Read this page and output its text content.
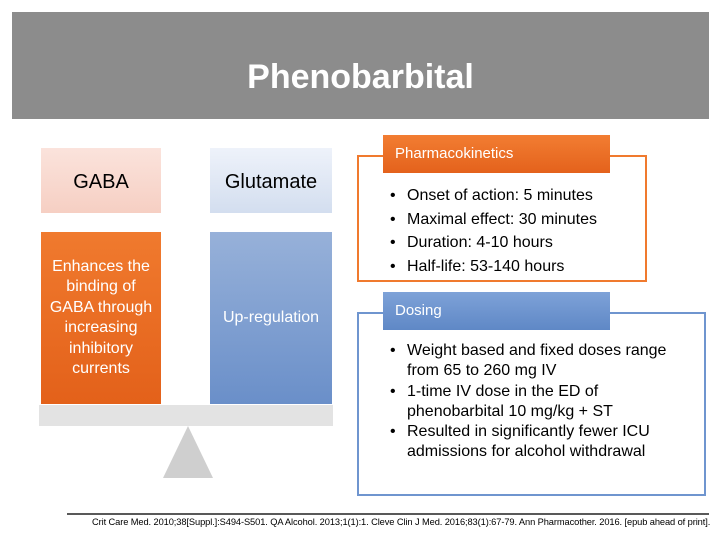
Phenobarbital
GABA	Glutamate
Enhances the binding of GABA through increasing inhibitory currents
Up-regulation
Pharmacokinetics
• Onset of action: 5 minutes
• Maximal effect: 30 minutes
• Duration: 4-10 hours
• Half-life: 53-140 hours
Dosing
• Weight based and fixed doses range from 65 to 260 mg IV
• 1-time IV dose in the ED of phenobarbital 10 mg/kg + ST
• Resulted in significantly fewer ICU admissions for alcohol withdrawal
Crit Care Med. 2010;38[Suppl.]:S494-S501. QA Alcohol. 2013;1(1):1. Cleve Clin J Med. 2016;83(1):67-79. Ann Pharmacother. 2016. [epub ahead of print].
